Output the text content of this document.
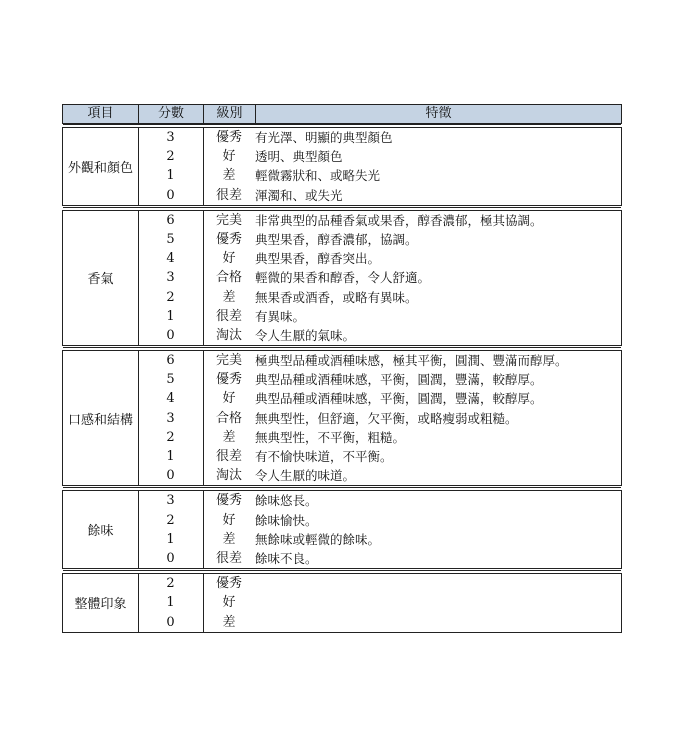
項目	分數	級別	特徵
外觀和顏色
3	優秀	有光澤、明顯的典型顏色
2	好	透明、典型顏色
1	差	輕微霧狀和、或略失光
0	很差	渾濁和、或失光
香氣
6	完美	非常典型的品種香氣或果香，醇香濃郁，極其協調。
5	優秀	典型果香，醇香濃郁，協調。
4	好	典型果香，醇香突出。
3	合格	輕微的果香和醇香，令人舒適。
2	差	無果香或酒香，或略有異味。
1	很差	有異味。
0	淘汰	令人生厭的氣味。
口感和結構
6	完美	極典型品種或酒種味感，極其平衡，圓潤、豐滿而醇厚。
5	優秀	典型品種或酒種味感，平衡，圓潤，豐滿，較醇厚。
4	好	典型品種或酒種味感，平衡，圓潤，豐滿，較醇厚。
3	合格	無典型性，但舒適，欠平衡，或略瘦弱或粗糙。
2	差	無典型性，不平衡，粗糙。
1	很差	有不愉快味道，不平衡。
0	淘汰	令人生厭的味道。
餘味
3	優秀	餘味悠長。
2	好	餘味愉快。
1	差	無餘味或輕微的餘味。
0	很差	餘味不良。
整體印象
2	優秀
1	好
0	差
